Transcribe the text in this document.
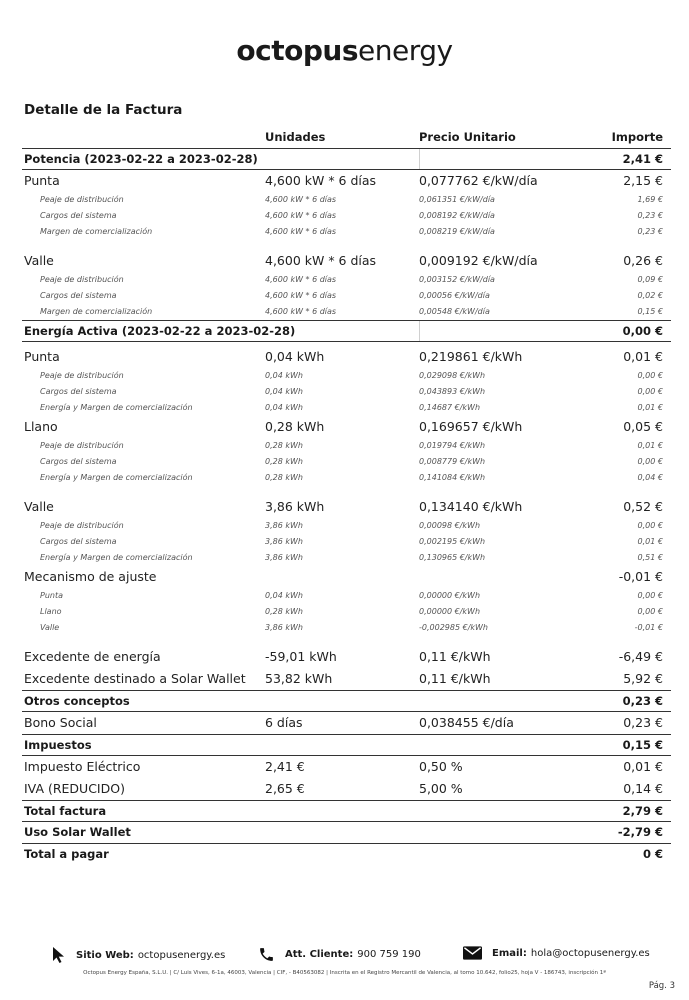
octopusenergy
Detalle de la Factura
Unidades	Precio Unitario	Importe
Potencia (2023-02-22 a 2023-02-28)	2,41 €
Punta	4,600 kW * 6 días	0,077762 €/kW/día	2,15 €
Peaje de distribución	4,600 kW * 6 días	0,061351 €/kW/día	1,69 €
Cargos del sistema	4,600 kW * 6 días	0,008192 €/kW/día	0,23 €
Margen de comercialización	4,600 kW * 6 días	0,008219 €/kW/día	0,23 €
Valle	4,600 kW * 6 días	0,009192 €/kW/día	0,26 €
Peaje de distribución	4,600 kW * 6 días	0,003152 €/kW/día	0,09 €
Cargos del sistema	4,600 kW * 6 días	0,00056 €/kW/día	0,02 €
Margen de comercialización	4,600 kW * 6 días	0,00548 €/kW/día	0,15 €
Energía Activa (2023-02-22 a 2023-02-28)	0,00 €
Punta	0,04 kWh	0,219861 €/kWh	0,01 €
Peaje de distribución	0,04 kWh	0,029098 €/kWh	0,00 €
Cargos del sistema	0,04 kWh	0,043893 €/kWh	0,00 €
Energía y Margen de comercialización	0,04 kWh	0,14687 €/kWh	0,01 €
Llano	0,28 kWh	0,169657 €/kWh	0,05 €
Peaje de distribución	0,28 kWh	0,019794 €/kWh	0,01 €
Cargos del sistema	0,28 kWh	0,008779 €/kWh	0,00 €
Energía y Margen de comercialización	0,28 kWh	0,141084 €/kWh	0,04 €
Valle	3,86 kWh	0,134140 €/kWh	0,52 €
Peaje de distribución	3,86 kWh	0,00098 €/kWh	0,00 €
Cargos del sistema	3,86 kWh	0,002195 €/kWh	0,01 €
Energía y Margen de comercialización	3,86 kWh	0,130965 €/kWh	0,51 €
Mecanismo de ajuste	-0,01 €
Punta	0,04 kWh	0,00000 €/kWh	0,00 €
Llano	0,28 kWh	0,00000 €/kWh	0,00 €
Valle	3,86 kWh	-0,002985 €/kWh	-0,01 €
Excedente de energía	-59,01 kWh	0,11 €/kWh	-6,49 €
Excedente destinado a Solar Wallet 53,82 kWh	0,11 €/kWh	5,92 €
Otros conceptos	0,23 €
Bono Social	6 días	0,038455 €/día	0,23 €
Impuestos	0,15 €
Impuesto Eléctrico	2,41 €	0,50 %	0,01 €
IVA (REDUCIDO)	2,65 €	5,00 %	0,14 €
Total factura	2,79 €
Uso Solar Wallet	-2,79 €
Total a pagar	0 €
Sitio Web: octopusenergy.es	Att. Cliente: 900 759 190	Email: hola@octopusenergy.es
Octopus Energy España, S.L.U. | C/ Luis Vives, 6-1a, 46003, Valencia | CIF, - B40563082 | Inscrita en el Registro Mercantil de Valencia, al tomo 10.642, folio25, hoja V - 186743, inscripción 1ª
Pág. 3
